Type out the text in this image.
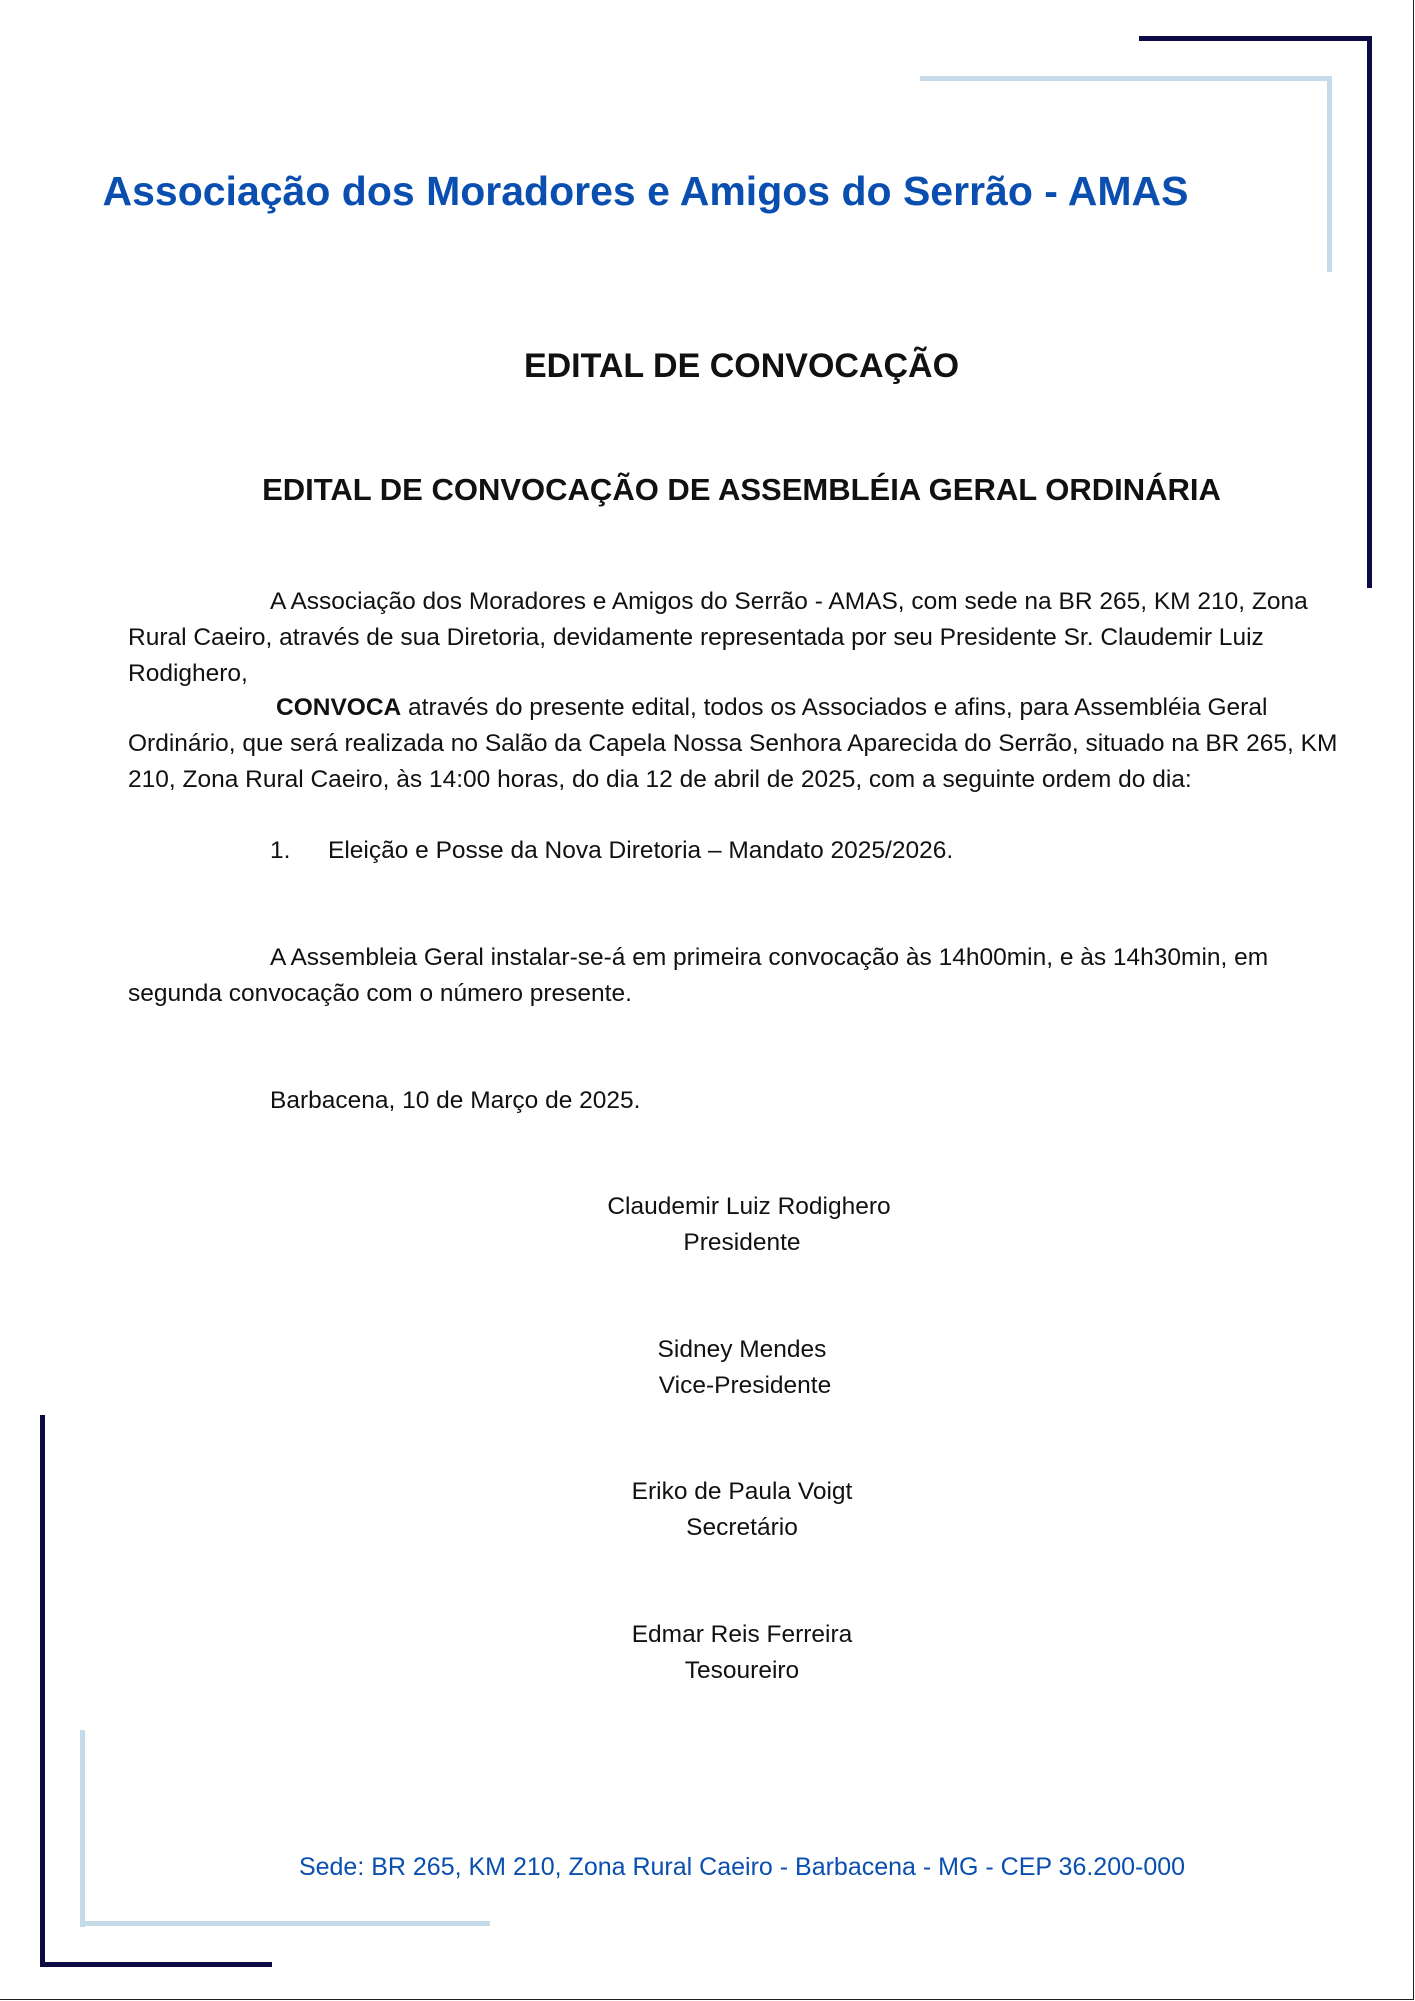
Associação dos Moradores e Amigos do Serrão - AMAS
EDITAL DE CONVOCAÇÃO
EDITAL DE CONVOCAÇÃO DE ASSEMBLÉIA GERAL ORDINÁRIA
A Associação dos Moradores e Amigos do Serrão - AMAS, com sede na BR 265, KM 210, Zona Rural Caeiro, através de sua Diretoria, devidamente representada por seu Presidente Sr. Claudemir Luiz Rodighero,
CONVOCA através do presente edital, todos os Associados e afins, para Assembléia Geral Ordinário, que será realizada no Salão da Capela Nossa Senhora Aparecida do Serrão, situado na BR 265, KM 210, Zona Rural Caeiro, às 14:00 horas, do dia 12 de abril de 2025, com a seguinte ordem do dia:
1. Eleição e Posse da Nova Diretoria – Mandato 2025/2026.
A Assembleia Geral instalar-se-á em primeira convocação às 14h00min, e às 14h30min, em segunda convocação com o número presente.
Barbacena, 10 de Março de 2025.
Claudemir Luiz Rodighero
Presidente
Sidney Mendes
Vice-Presidente
Eriko de Paula Voigt
Secretário
Edmar Reis Ferreira
Tesoureiro
Sede: BR 265, KM 210, Zona Rural Caeiro - Barbacena - MG - CEP 36.200-000
